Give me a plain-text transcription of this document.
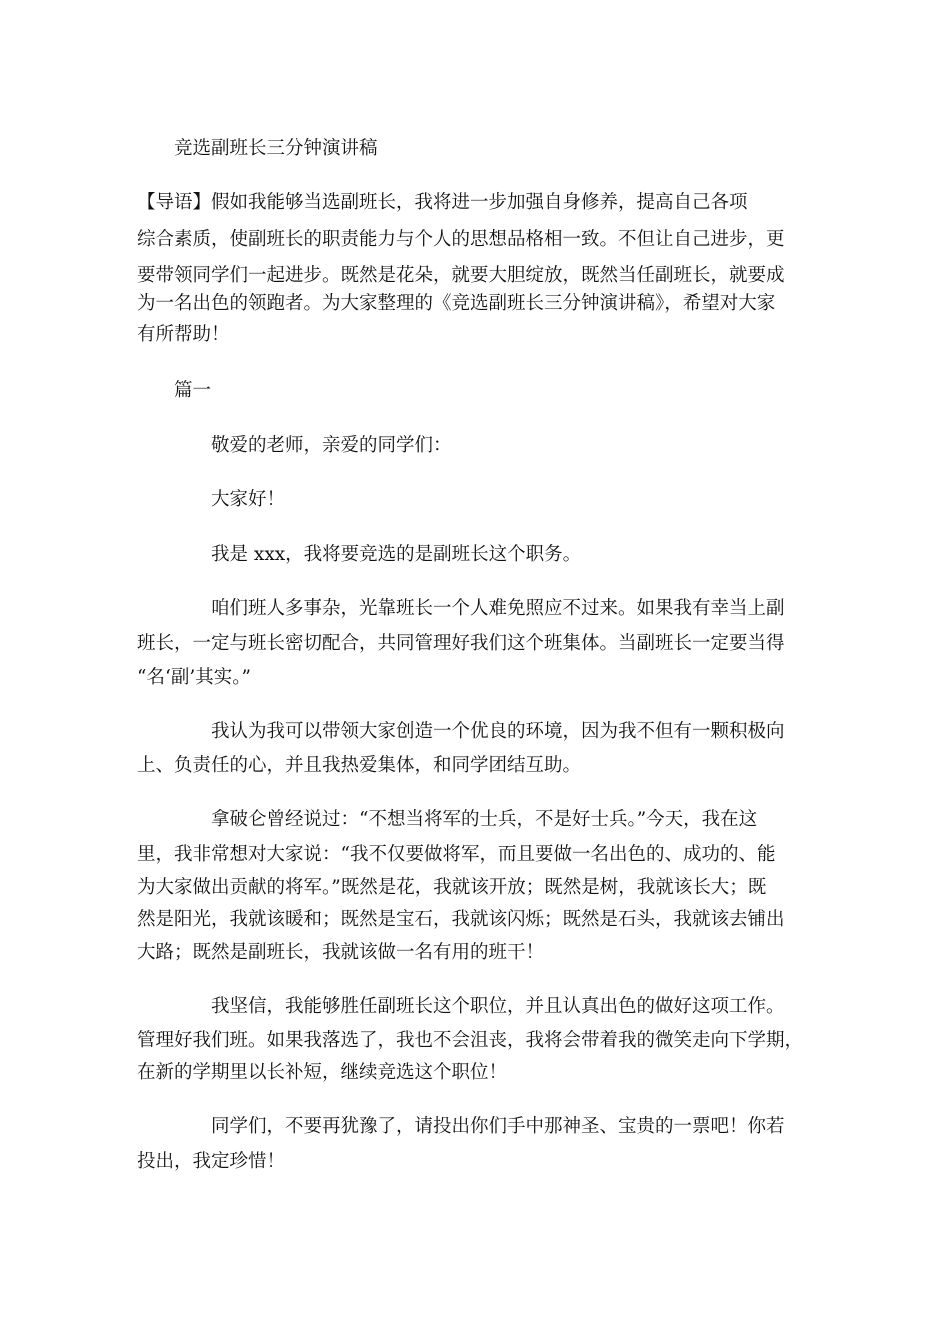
竞选副班长三分钟演讲稿
【导语】假如我能够当选副班长，我将进一步加强自身修养，提高自己各项
综合素质，使副班长的职责能力与个人的思想品格相一致。不但让自己进步，更
要带领同学们一起进步。既然是花朵，就要大胆绽放，既然当任副班长，就要成
为一名出色的领跑者。为大家整理的《竞选副班长三分钟演讲稿》，希望对大家
有所帮助！
篇一
敬爱的老师，亲爱的同学们：
大家好！
我是 xxx，我将要竞选的是副班长这个职务。
咱们班人多事杂，光靠班长一个人难免照应不过来。如果我有幸当上副
班长，一定与班长密切配合，共同管理好我们这个班集体。当副班长一定要当得
“名‘副’其实。”
我认为我可以带领大家创造一个优良的环境，因为我不但有一颗积极向
上、负责任的心，并且我热爱集体，和同学团结互助。
拿破仑曾经说过：“不想当将军的士兵，不是好士兵。”今天，我在这
里，我非常想对大家说：“我不仅要做将军，而且要做一名出色的、成功的、能
为大家做出贡献的将军。”既然是花，我就该开放；既然是树，我就该长大；既
然是阳光，我就该暖和；既然是宝石，我就该闪烁；既然是石头，我就该去铺出
大路；既然是副班长，我就该做一名有用的班干！
我坚信，我能够胜任副班长这个职位，并且认真出色的做好这项工作。
管理好我们班。如果我落选了，我也不会沮丧，我将会带着我的微笑走向下学期，
在新的学期里以长补短，继续竞选这个职位！
同学们，不要再犹豫了，请投出你们手中那神圣、宝贵的一票吧！你若
投出，我定珍惜！
